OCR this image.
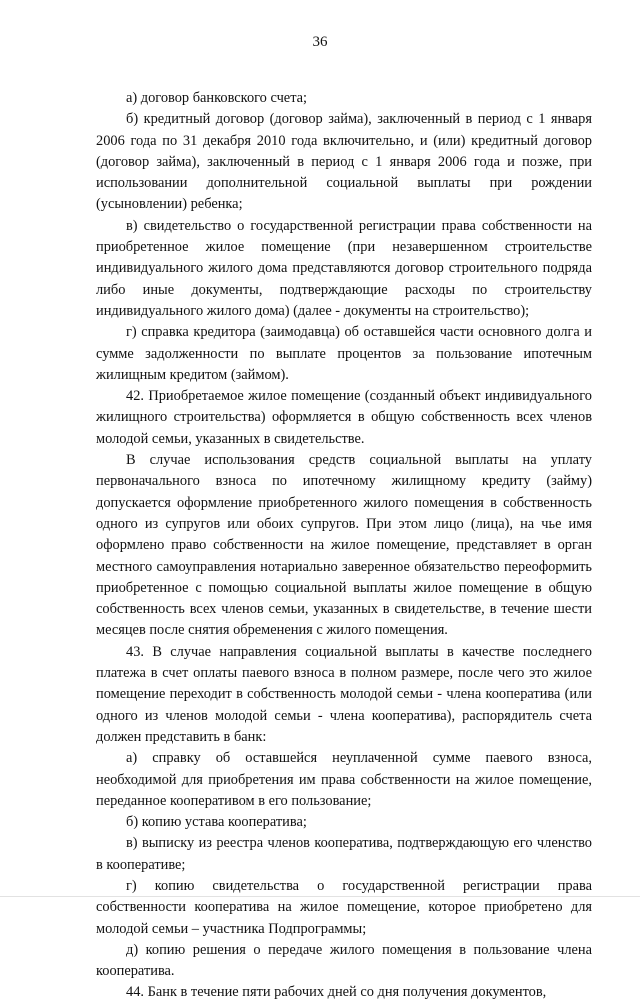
36

а) договор банковского счета;

б) кредитный договор (договор займа), заключенный в период с 1 января 2006 года по 31 декабря 2010 года включительно, и (или) кредитный договор (договор займа), заключенный в период с 1 января 2006 года и позже, при использовании дополнительной социальной выплаты при рождении (усыновлении) ребенка;

в) свидетельство о государственной регистрации права собственности на приобретенное жилое помещение (при незавершенном строительстве индивидуального жилого дома представляются договор строительного подряда либо иные документы, подтверждающие расходы по строительству индивидуального жилого дома) (далее - документы на строительство);

г) справка кредитора (заимодавца) об оставшейся части основного долга и сумме задолженности по выплате процентов за пользование ипотечным жилищным кредитом (займом).

42. Приобретаемое жилое помещение (созданный объект индивидуального жилищного строительства) оформляется в общую собственность всех членов молодой семьи, указанных в свидетельстве.

В случае использования средств социальной выплаты на уплату первоначального взноса по ипотечному жилищному кредиту (займу) допускается оформление приобретенного жилого помещения в собственность одного из супругов или обоих супругов. При этом лицо (лица), на чье имя оформлено право собственности на жилое помещение, представляет в орган местного самоуправления нотариально заверенное обязательство переоформить приобретенное с помощью социальной выплаты жилое помещение в общую собственность всех членов семьи, указанных в свидетельстве, в течение шести месяцев после снятия обременения с жилого помещения.

43. В случае направления социальной выплаты в качестве последнего платежа в счет оплаты паевого взноса в полном размере, после чего это жилое помещение переходит в собственность молодой семьи - члена кооператива (или одного из членов молодой семьи - члена кооператива), распорядитель счета должен представить в банк:

а) справку об оставшейся неуплаченной сумме паевого взноса, необходимой для приобретения им права собственности на жилое помещение, переданное кооперативом в его пользование;

б) копию устава кооператива;

в) выписку из реестра членов кооператива, подтверждающую его членство в кооперативе;

г) копию свидетельства о государственной регистрации права собственности кооператива на жилое помещение, которое приобретено для молодой семьи – участника Подпрограммы;

д) копию решения о передаче жилого помещения в пользование члена кооператива.

44. Банк в течение пяти рабочих дней со дня получения документов,
